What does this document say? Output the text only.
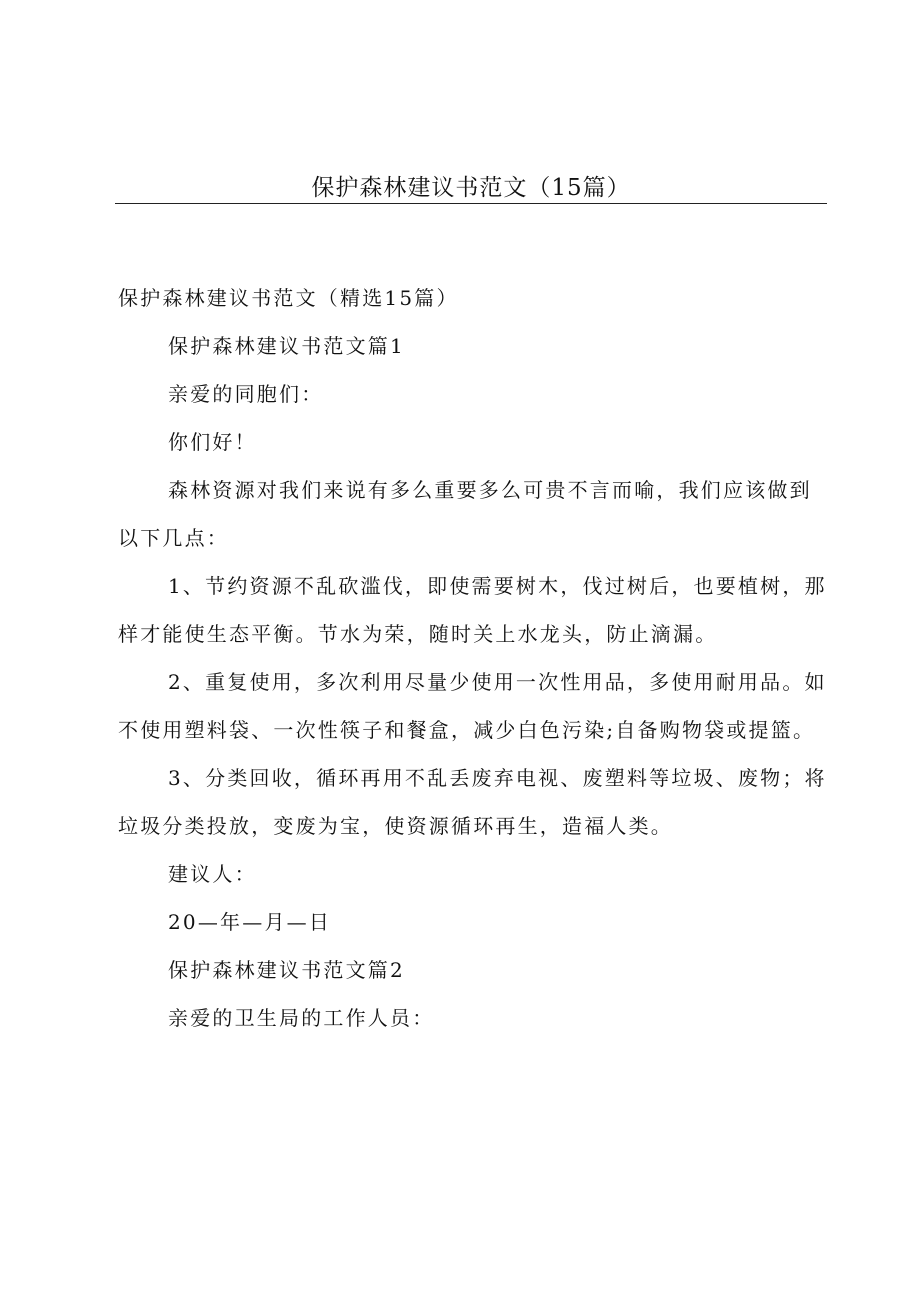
保护森林建议书范文（15篇）

保护森林建议书范文（精选15篇）

保护森林建议书范文篇1

亲爱的同胞们：

你们好！

森林资源对我们来说有多么重要多么可贵不言而喻，我们应该做到以下几点：

1、节约资源不乱砍滥伐，即使需要树木，伐过树后，也要植树，那样才能使生态平衡。节水为荣，随时关上水龙头，防止滴漏。

2、重复使用，多次利用尽量少使用一次性用品，多使用耐用品。如不使用塑料袋、一次性筷子和餐盒，减少白色污染;自备购物袋或提篮。

3、分类回收，循环再用不乱丢废弃电视、废塑料等垃圾、废物；将垃圾分类投放，变废为宝，使资源循环再生，造福人类。

建议人：

20—年—月—日

保护森林建议书范文篇2

亲爱的卫生局的工作人员：
